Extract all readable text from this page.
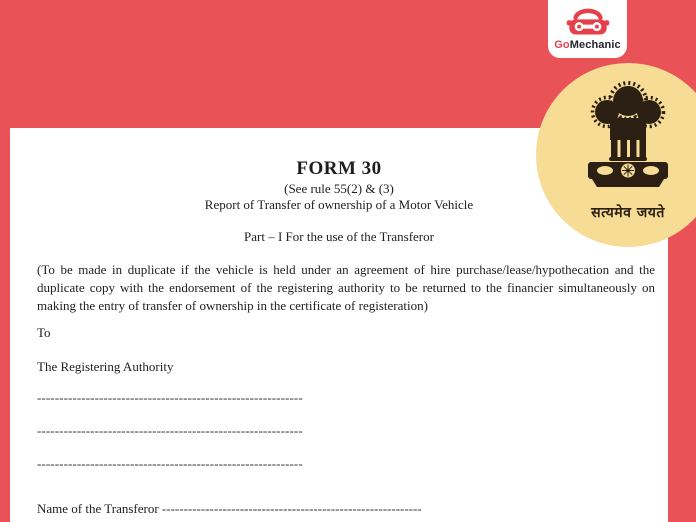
FORM 30
(See rule 55(2) & (3)
Report of Transfer of ownership of a Motor Vehicle
Part – I For the use of the Transferor

(To be made in duplicate if the vehicle is held under an agreement of hire purchase/lease/hypothecation and the duplicate copy with the endorsement of the registering authority to be returned to the financier simultaneously on making the entry of transfer of ownership in the certificate of registeration)

To
The Registering Authority
------------------------------------------------------------
------------------------------------------------------------
------------------------------------------------------------
Name of the Transferor ------------------------------------------------------------
सत्यमेव जयते
GoMechanic
